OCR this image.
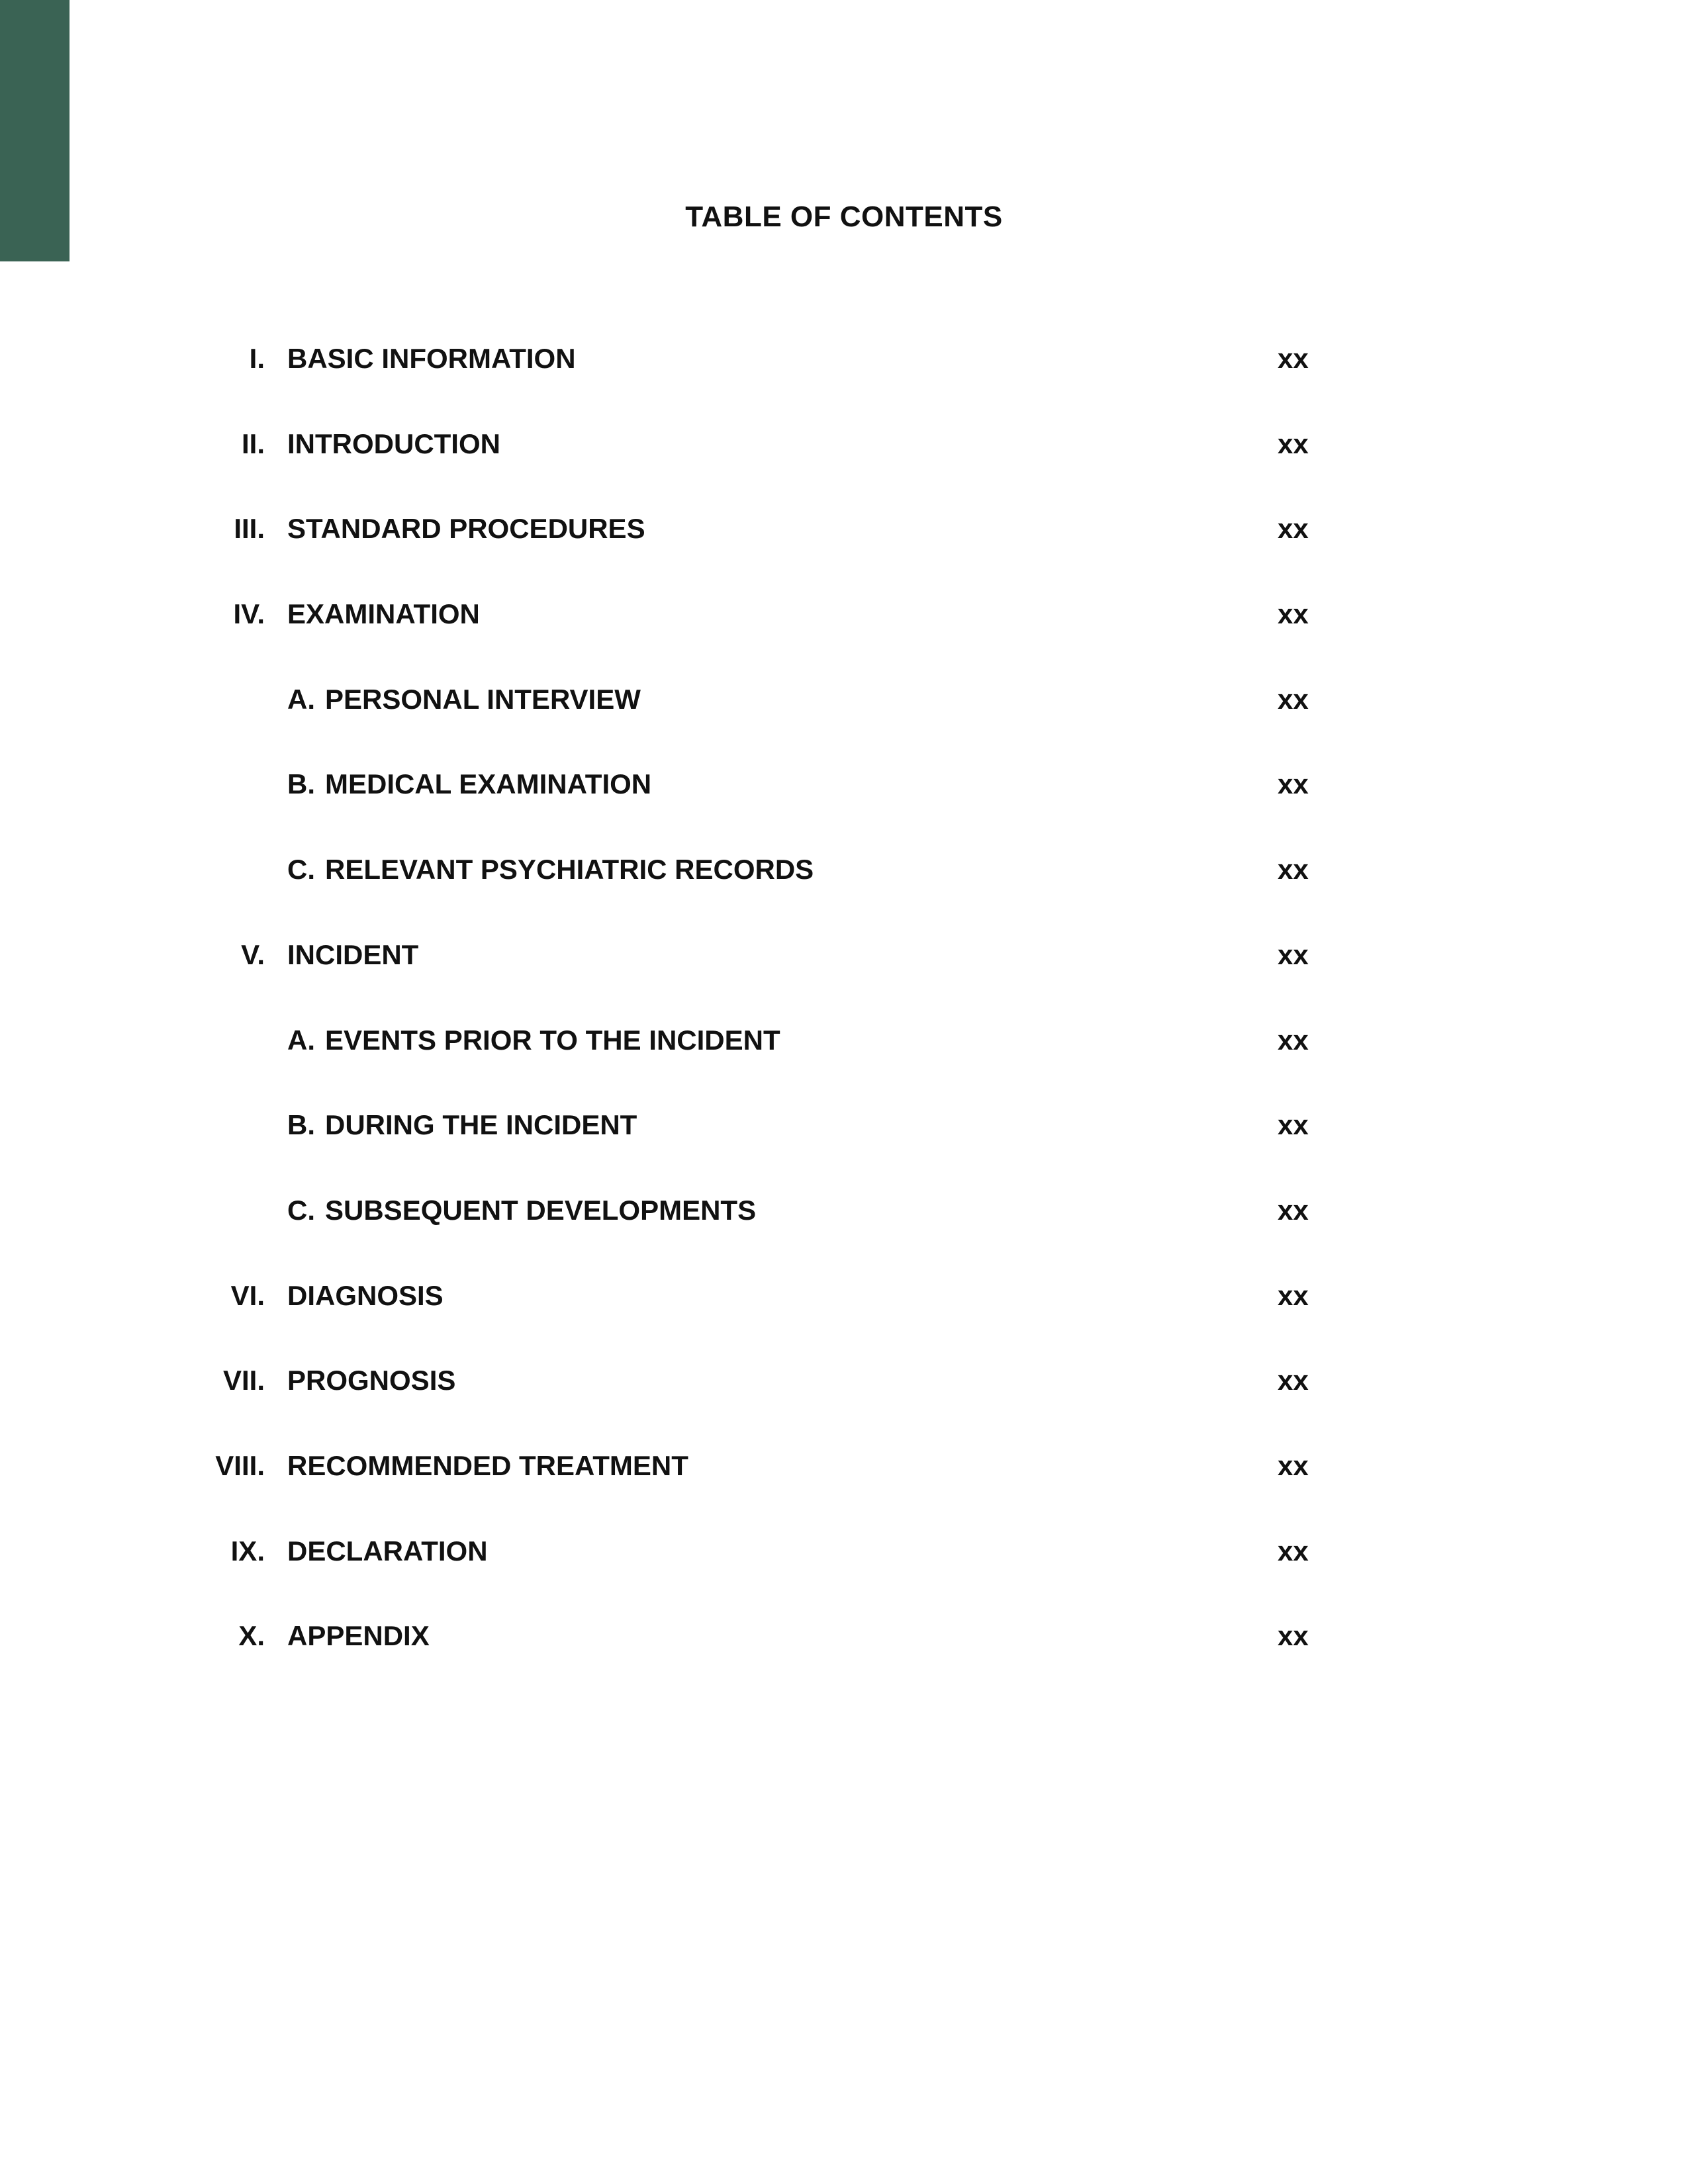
TABLE OF CONTENTS
I. BASIC INFORMATION	xx
II. INTRODUCTION	xx
III. STANDARD PROCEDURES	xx
IV. EXAMINATION	xx
A. PERSONAL INTERVIEW	xx
B. MEDICAL EXAMINATION	xx
C. RELEVANT PSYCHIATRIC RECORDS	xx
V. INCIDENT	xx
A. EVENTS PRIOR TO THE INCIDENT	xx
B. DURING THE INCIDENT	xx
C. SUBSEQUENT DEVELOPMENTS	xx
VI. DIAGNOSIS	xx
VII. PROGNOSIS	xx
VIII. RECOMMENDED TREATMENT	xx
IX. DECLARATION	xx
X. APPENDIX	xx
